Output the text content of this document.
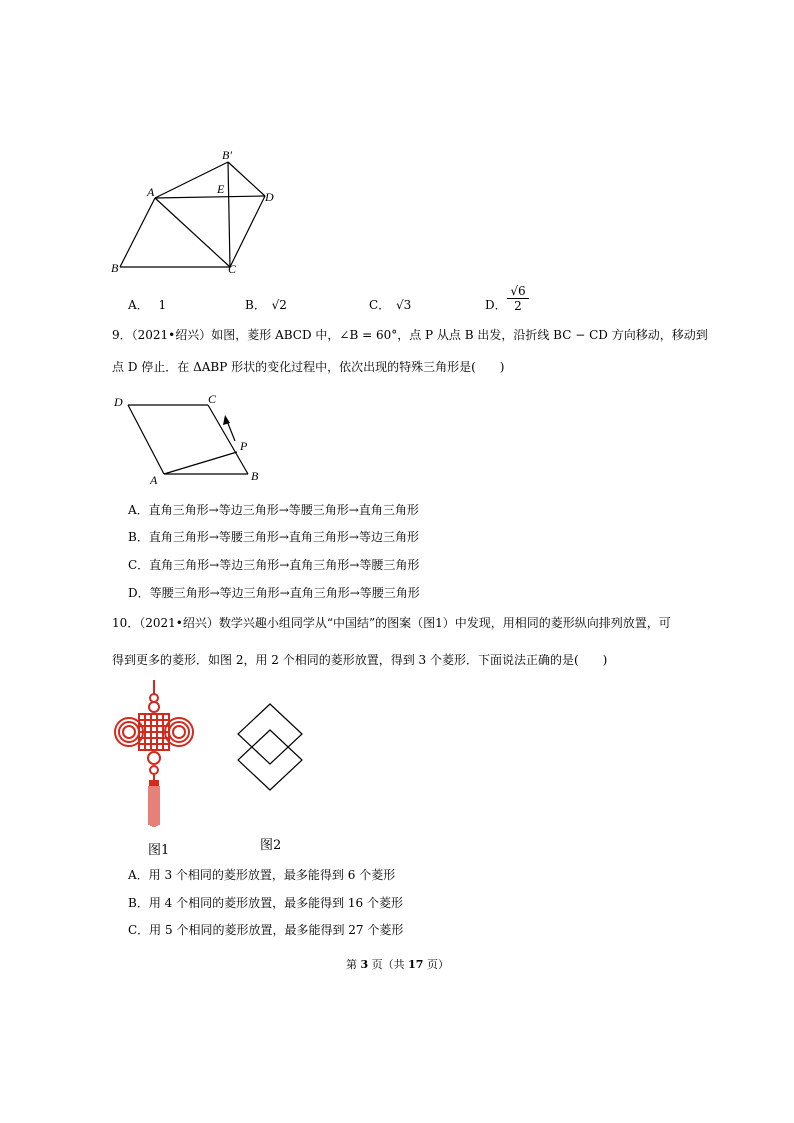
B′
A	E
D
B	C
A． 1	B． √2	C． √3	D． $\frac{√6}{2}$
9．（2021•绍兴）如图，菱形 ABCD 中，∠B = 60°，点 P 从点 B 出发，沿折线 BC − CD 方向移动，移动到
点 D 停止．在 ΔABP 形状的变化过程中，依次出现的特殊三角形是(　　)
D	C
P
A	B
A．直角三角形→等边三角形→等腰三角形→直角三角形
B．直角三角形→等腰三角形→直角三角形→等边三角形
C．直角三角形→等边三角形→直角三角形→等腰三角形
D．等腰三角形→等边三角形→直角三角形→等腰三角形
10．（2021•绍兴）数学兴趣小组同学从“中国结”的图案（图1）中发现，用相同的菱形纵向排列放置，可
得到更多的菱形．如图 2，用 2 个相同的菱形放置，得到 3 个菱形．下面说法正确的是(　　)
图1	图2
A．用 3 个相同的菱形放置，最多能得到 6 个菱形
B．用 4 个相同的菱形放置，最多能得到 16 个菱形
C．用 5 个相同的菱形放置，最多能得到 27 个菱形
第 3 页（共 17 页）
